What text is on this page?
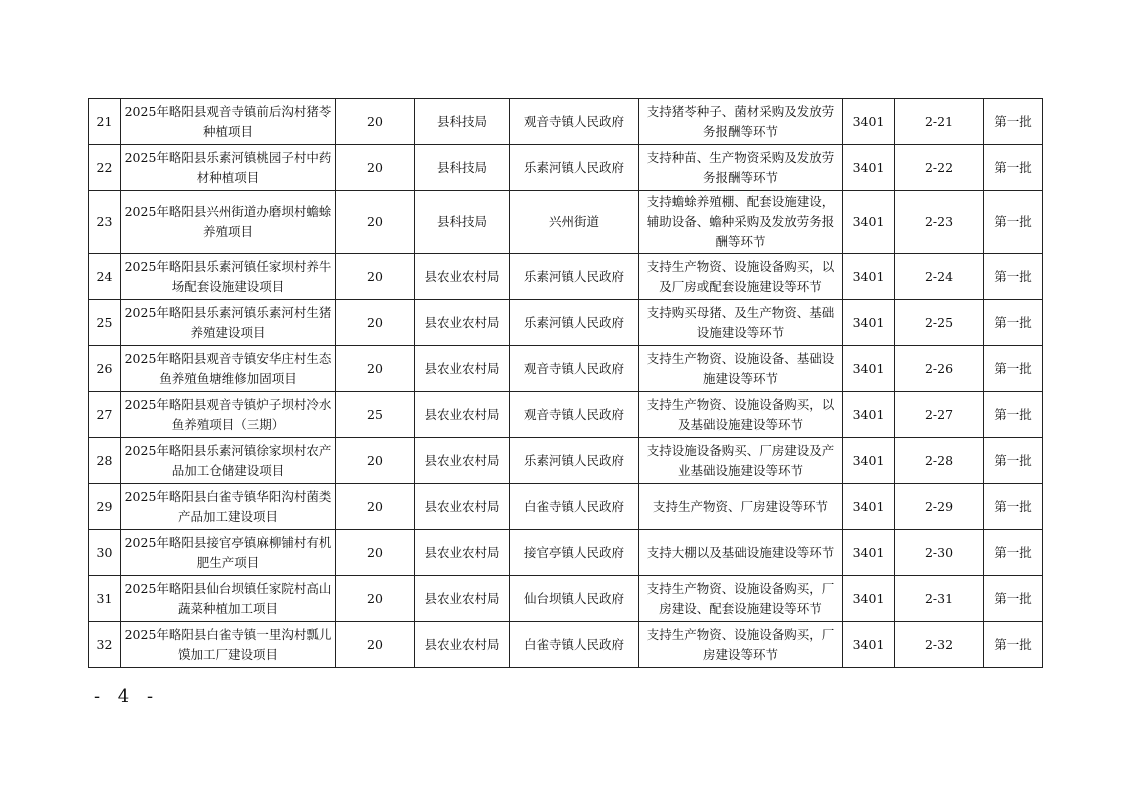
21	2025年略阳县观音寺镇前后沟村猪苓种植项目	20	县科技局	观音寺镇人民政府	支持猪苓种子、菌材采购及发放劳务报酬等环节	3401	2-21	第一批
22	2025年略阳县乐素河镇桃园子村中药材种植项目	20	县科技局	乐素河镇人民政府	支持种苗、生产物资采购及发放劳务报酬等环节	3401	2-22	第一批
23	2025年略阳县兴州街道办磨坝村蟾蜍养殖项目	20	县科技局	兴州街道	支持蟾蜍养殖棚、配套设施建设，辅助设备、蟾种采购及发放劳务报酬等环节	3401	2-23	第一批
24	2025年略阳县乐素河镇任家坝村养牛场配套设施建设项目	20	县农业农村局	乐素河镇人民政府	支持生产物资、设施设备购买，以及厂房或配套设施建设等环节	3401	2-24	第一批
25	2025年略阳县乐素河镇乐素河村生猪养殖建设项目	20	县农业农村局	乐素河镇人民政府	支持购买母猪、及生产物资、基础设施建设等环节	3401	2-25	第一批
26	2025年略阳县观音寺镇安华庄村生态鱼养殖鱼塘维修加固项目	20	县农业农村局	观音寺镇人民政府	支持生产物资、设施设备、基础设施建设等环节	3401	2-26	第一批
27	2025年略阳县观音寺镇炉子坝村冷水鱼养殖项目（三期）	25	县农业农村局	观音寺镇人民政府	支持生产物资、设施设备购买，以及基础设施建设等环节	3401	2-27	第一批
28	2025年略阳县乐素河镇徐家坝村农产品加工仓储建设项目	20	县农业农村局	乐素河镇人民政府	支持设施设备购买、厂房建设及产业基础设施建设等环节	3401	2-28	第一批
29	2025年略阳县白雀寺镇华阳沟村菌类产品加工建设项目	20	县农业农村局	白雀寺镇人民政府	支持生产物资、厂房建设等环节	3401	2-29	第一批
30	2025年略阳县接官亭镇麻柳铺村有机肥生产项目	20	县农业农村局	接官亭镇人民政府	支持大棚以及基础设施建设等环节	3401	2-30	第一批
31	2025年略阳县仙台坝镇任家院村高山蔬菜种植加工项目	20	县农业农村局	仙台坝镇人民政府	支持生产物资、设施设备购买，厂房建设、配套设施建设等环节	3401	2-31	第一批
32	2025年略阳县白雀寺镇一里沟村瓢儿馍加工厂建设项目	20	县农业农村局	白雀寺镇人民政府	支持生产物资、设施设备购买，厂房建设等环节	3401	2-32	第一批
- 4 -
